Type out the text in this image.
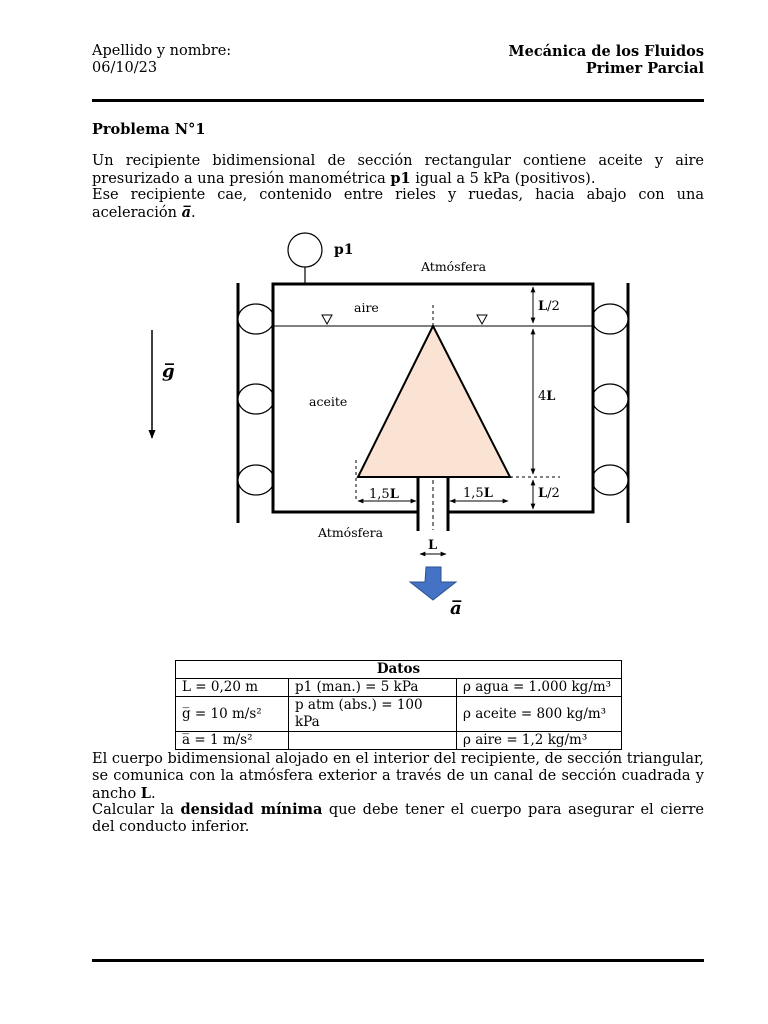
Apellido y nombre:
06/10/23
Mecánica de los Fluidos
Primer Parcial
Problema N°1
Un recipiente bidimensional de sección rectangular contiene aceite y aire presurizado a una presión manométrica p1 igual a 5 kPa (positivos).
Ese recipiente cae, contenido entre rieles y ruedas, hacia abajo con una aceleración a̅.
p1
Atmósfera
aire
aceite
Atmósfera
g̅
L/2
4L
L/2
1,5L	1,5L
L
a̅
Datos		
L = 0,20 m	p1 (man.) = 5 kPa	ρ agua = 1.000 kg/m³
g̅ = 10 m/s²	p atm (abs.) = 100 kPa	ρ aceite = 800 kg/m³
a̅ = 1 m/s²		ρ aire = 1,2 kg/m³
El cuerpo bidimensional alojado en el interior del recipiente, de sección triangular, se comunica con la atmósfera exterior a través de un canal de sección cuadrada y ancho L.
Calcular la densidad mínima que debe tener el cuerpo para asegurar el cierre del conducto inferior.
